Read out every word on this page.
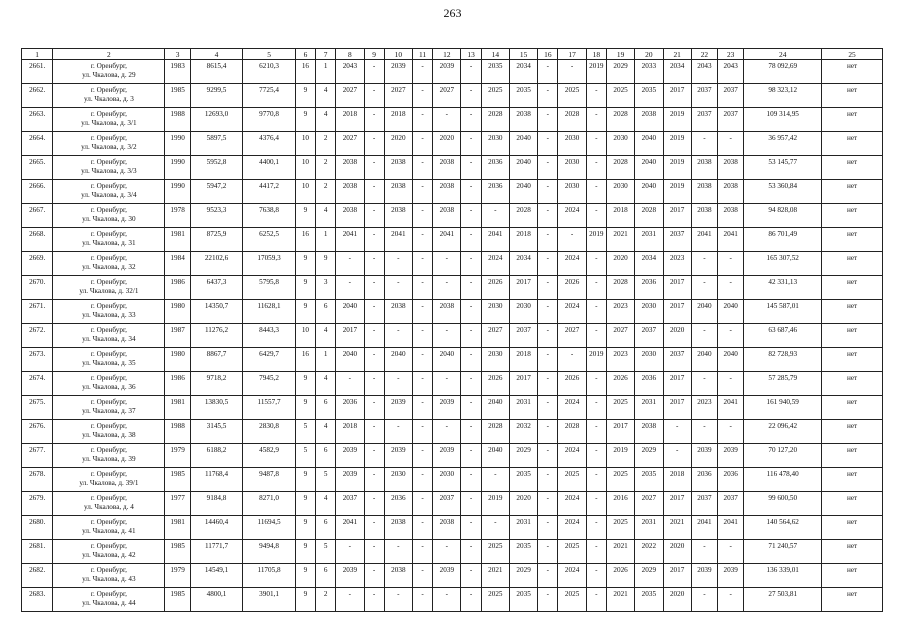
263
1	2	3	4	5	6	7	8	9	10	11	12	13	14	15	16	17	18	19	20	21	22	23	24	25
2661.	г. Оренбург,
ул. Чкалова, д. 29	1983	8615,4	6210,3	16	1	2043	-	2039	-	2039	-	2035	2034	-	-	2019	2029	2033	2034	2043	2043	78 092,69	нет
2662.	г. Оренбург,
ул. Чкалова, д. 3	1985	9299,5	7725,4	9	4	2027	-	2027	-	2027	-	2025	2035	-	2025	-	2025	2035	2017	2037	2037	98 323,12	нет
2663.	г. Оренбург,
ул. Чкалова, д. 3/1	1988	12693,0	9770,8	9	4	2018	-	2018	-	-	-	2028	2038	-	2028	-	2028	2038	2019	2037	2037	109 314,95	нет
2664.	г. Оренбург,
ул. Чкалова, д. 3/2	1990	5897,5	4376,4	10	2	2027	-	2020	-	2020	-	2030	2040	-	2030	-	2030	2040	2019	-	-	36 957,42	нет
2665.	г. Оренбург,
ул. Чкалова, д. 3/3	1990	5952,8	4400,1	10	2	2038	-	2038	-	2038	-	2036	2040	-	2030	-	2028	2040	2019	2038	2038	53 145,77	нет
2666.	г. Оренбург,
ул. Чкалова, д. 3/4	1990	5947,2	4417,2	10	2	2038	-	2038	-	2038	-	2036	2040	-	2030	-	2030	2040	2019	2038	2038	53 360,84	нет
2667.	г. Оренбург,
ул. Чкалова, д. 30	1978	9523,3	7638,8	9	4	2038	-	2038	-	2038	-	-	2028	-	2024	-	2018	2028	2017	2038	2038	94 828,08	нет
2668.	г. Оренбург,
ул. Чкалова, д. 31	1981	8725,9	6252,5	16	1	2041	-	2041	-	2041	-	2041	2018	-	-	2019	2021	2031	2037	2041	2041	86 701,49	нет
2669.	г. Оренбург,
ул. Чкалова, д. 32	1984	22102,6	17059,3	9	9	-	-	-	-	-	-	2024	2034	-	2024	-	2020	2034	2023	-	-	165 307,52	нет
2670.	г. Оренбург,
ул. Чкалова, д. 32/1	1986	6437,3	5795,8	9	3	-	-	-	-	-	-	2026	2017	-	2026	-	2028	2036	2017	-	-	42 331,13	нет
2671.	г. Оренбург,
ул. Чкалова, д. 33	1980	14350,7	11628,1	9	6	2040	-	2038	-	2038	-	2030	2030	-	2024	-	2023	2030	2017	2040	2040	145 587,01	нет
2672.	г. Оренбург,
ул. Чкалова, д. 34	1987	11276,2	8443,3	10	4	2017	-	-	-	-	-	2027	2037	-	2027	-	2027	2037	2020	-	-	63 687,46	нет
2673.	г. Оренбург,
ул. Чкалова, д. 35	1980	8867,7	6429,7	16	1	2040	-	2040	-	2040	-	2030	2018	-	-	2019	2023	2030	2037	2040	2040	82 728,93	нет
2674.	г. Оренбург,
ул. Чкалова, д. 36	1986	9718,2	7945,2	9	4	-	-	-	-	-	-	2026	2017	-	2026	-	2026	2036	2017	-	-	57 285,79	нет
2675.	г. Оренбург,
ул. Чкалова, д. 37	1981	13830,5	11557,7	9	6	2036	-	2039	-	2039	-	2040	2031	-	2024	-	2025	2031	2017	2023	2041	161 940,59	нет
2676.	г. Оренбург,
ул. Чкалова, д. 38	1988	3145,5	2830,8	5	4	2018	-	-	-	-	-	2028	2032	-	2028	-	2017	2038	-	-	-	22 096,42	нет
2677.	г. Оренбург,
ул. Чкалова, д. 39	1979	6188,2	4582,9	5	6	2039	-	2039	-	2039	-	2040	2029	-	2024	-	2019	2029	-	2039	2039	70 127,20	нет
2678.	г. Оренбург,
ул. Чкалова, д. 39/1	1985	11768,4	9487,8	9	5	2039	-	2030	-	2030	-	-	2035	-	2025	-	2025	2035	2018	2036	2036	116 478,40	нет
2679.	г. Оренбург,
ул. Чкалова, д. 4	1977	9184,8	8271,0	9	4	2037	-	2036	-	2037	-	2019	2020	-	2024	-	2016	2027	2017	2037	2037	99 600,50	нет
2680.	г. Оренбург,
ул. Чкалова, д. 41	1981	14460,4	11694,5	9	6	2041	-	2038	-	2038	-	-	2031	-	2024	-	2025	2031	2021	2041	2041	140 564,62	нет
2681.	г. Оренбург,
ул. Чкалова, д. 42	1985	11771,7	9494,8	9	5	-	-	-	-	-	-	2025	2035	-	2025	-	2021	2022	2020	-	-	71 240,57	нет
2682.	г. Оренбург,
ул. Чкалова, д. 43	1979	14549,1	11705,8	9	6	2039	-	2038	-	2039	-	2021	2029	-	2024	-	2026	2029	2017	2039	2039	136 339,01	нет
2683.	г. Оренбург,
ул. Чкалова, д. 44	1985	4800,1	3901,1	9	2	-	-	-	-	-	-	2025	2035	-	2025	-	2021	2035	2020	-	-	27 503,81	нет
